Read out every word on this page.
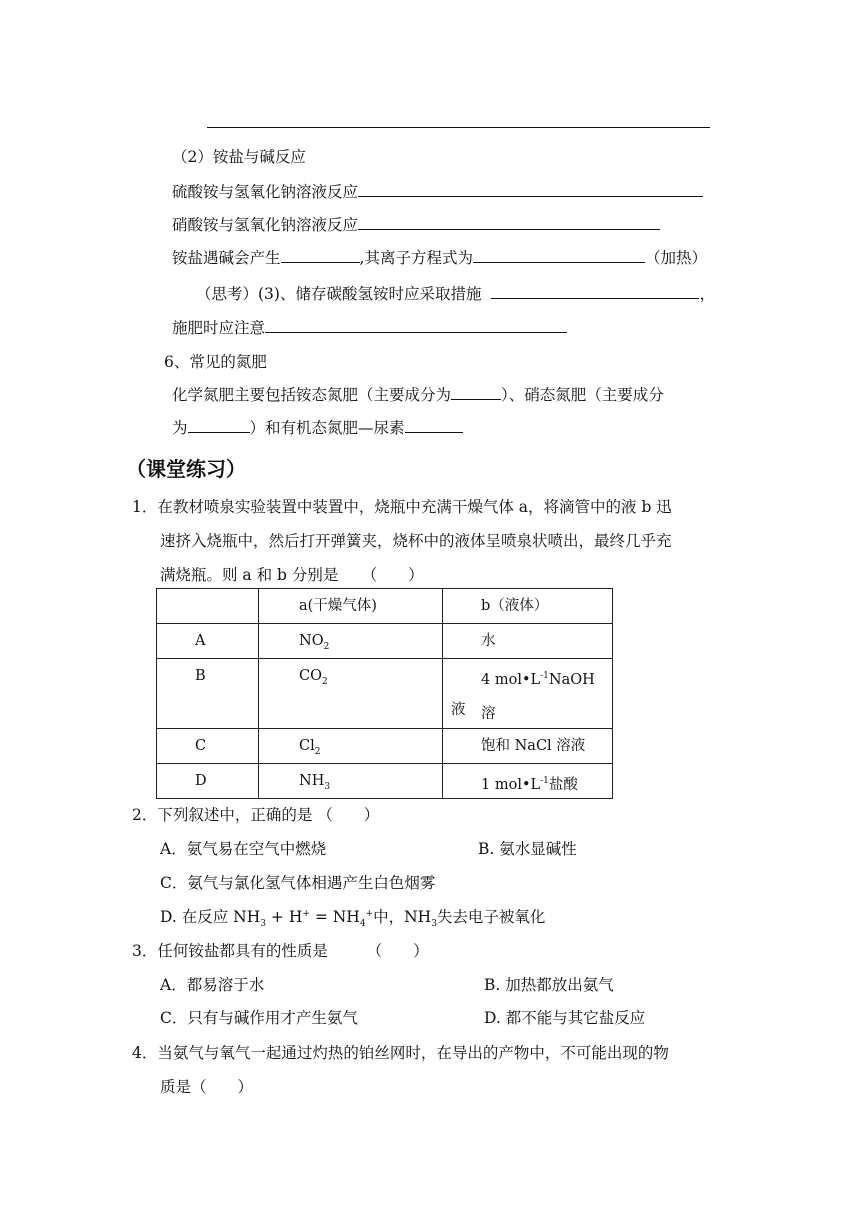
（2）铵盐与碱反应
硫酸铵与氢氧化钠溶液反应
硝酸铵与氢氧化钠溶液反应
铵盐遇碱会产生	,其离子方程式为	（加热）
（思考）(3)、储存碳酸氢铵时应采取措施	，
施肥时应注意
6、常见的氮肥
化学氮肥主要包括铵态氮肥（主要成分为	）、硝态氮肥（主要成分
为	）和有机态氮肥—尿素
（课堂练习）
1．在教材喷泉实验装置中装置中，烧瓶中充满干燥气体 a，将滴管中的液 b 迅
速挤入烧瓶中，然后打开弹簧夹，烧杯中的液体呈喷泉状喷出，最终几乎充
满烧瓶。则 a 和 b 分别是　　（　　）

	a(干燥气体)	b（液体）

A	$NO_2$	水

B	$CO_2$	4 $mol•L^{-1}NaOH$ 溶
液

C	$Cl_2$	饱和 NaCl 溶液

D	$NH_3$	1 $mol•L^{-1}$盐酸
2．下列叙述中，正确的是 （　　）
A．氨气易在空气中燃烧	B. 氨水显碱性
C．氨气与氯化氢气体相遇产生白色烟雾
D. 在反应 $NH_3 + H^+ = NH_4^+$中，$NH_3$失去电子被氧化
3．任何铵盐都具有的性质是　　　（　　）
A．都易溶于水	B. 加热都放出氨气
C．只有与碱作用才产生氨气	D. 都不能与其它盐反应
4．当氨气与氧气一起通过灼热的铂丝网时，在导出的产物中，不可能出现的物
质是（　　）
